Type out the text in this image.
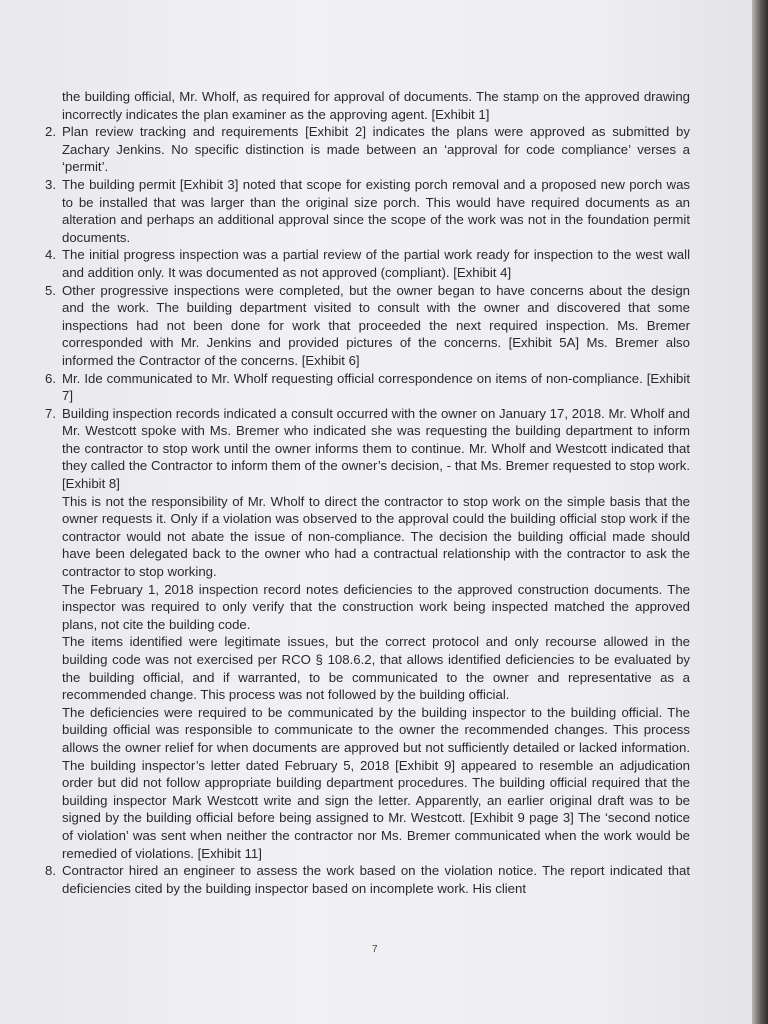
the building official, Mr. Wholf, as required for approval of documents. The stamp on the approved drawing incorrectly indicates the plan examiner as the approving agent. [Exhibit 1]

2. Plan review tracking and requirements [Exhibit 2] indicates the plans were approved as submitted by Zachary Jenkins. No specific distinction is made between an ‘approval for code compliance’ verses a ‘permit’.
3. The building permit [Exhibit 3] noted that scope for existing porch removal and a proposed new porch was to be installed that was larger than the original size porch. This would have required documents as an alteration and perhaps an additional approval since the scope of the work was not in the foundation permit documents.
4. The initial progress inspection was a partial review of the partial work ready for inspection to the west wall and addition only. It was documented as not approved (compliant). [Exhibit 4]
5. Other progressive inspections were completed, but the owner began to have concerns about the design and the work. The building department visited to consult with the owner and discovered that some inspections had not been done for work that proceeded the next required inspection. Ms. Bremer corresponded with Mr. Jenkins and provided pictures of the concerns. [Exhibit 5A] Ms. Bremer also informed the Contractor of the concerns. [Exhibit 6]
6. Mr. Ide communicated to Mr. Wholf requesting official correspondence on items of non-compliance. [Exhibit 7]
7. Building inspection records indicated a consult occurred with the owner on January 17, 2018. Mr. Wholf and Mr. Westcott spoke with Ms. Bremer who indicated she was requesting the building department to inform the contractor to stop work until the owner informs them to continue. Mr. Wholf and Westcott indicated that they called the Contractor to inform them of the owner’s decision, - that Ms. Bremer requested to stop work. [Exhibit 8]

This is not the responsibility of Mr. Wholf to direct the contractor to stop work on the simple basis that the owner requests it. Only if a violation was observed to the approval could the building official stop work if the contractor would not abate the issue of non-compliance. The decision the building official made should have been delegated back to the owner who had a contractual relationship with the contractor to ask the contractor to stop working.

The February 1, 2018 inspection record notes deficiencies to the approved construction documents. The inspector was required to only verify that the construction work being inspected matched the approved plans, not cite the building code.

The items identified were legitimate issues, but the correct protocol and only recourse allowed in the building code was not exercised per RCO § 108.6.2, that allows identified deficiencies to be evaluated by the building official, and if warranted, to be communicated to the owner and representative as a recommended change. This process was not followed by the building official.

The deficiencies were required to be communicated by the building inspector to the building official. The building official was responsible to communicate to the owner the recommended changes. This process allows the owner relief for when documents are approved but not sufficiently detailed or lacked information. The building inspector’s letter dated February 5, 2018 [Exhibit 9] appeared to resemble an adjudication order but did not follow appropriate building department procedures. The building official required that the building inspector Mark Westcott write and sign the letter. Apparently, an earlier original draft was to be signed by the building official before being assigned to Mr. Westcott. [Exhibit 9 page 3] The ‘second notice of violation’ was sent when neither the contractor nor Ms. Bremer communicated when the work would be remedied of violations. [Exhibit 11]

8. Contractor hired an engineer to assess the work based on the violation notice. The report indicated that deficiencies cited by the building inspector based on incomplete work. His client
7
